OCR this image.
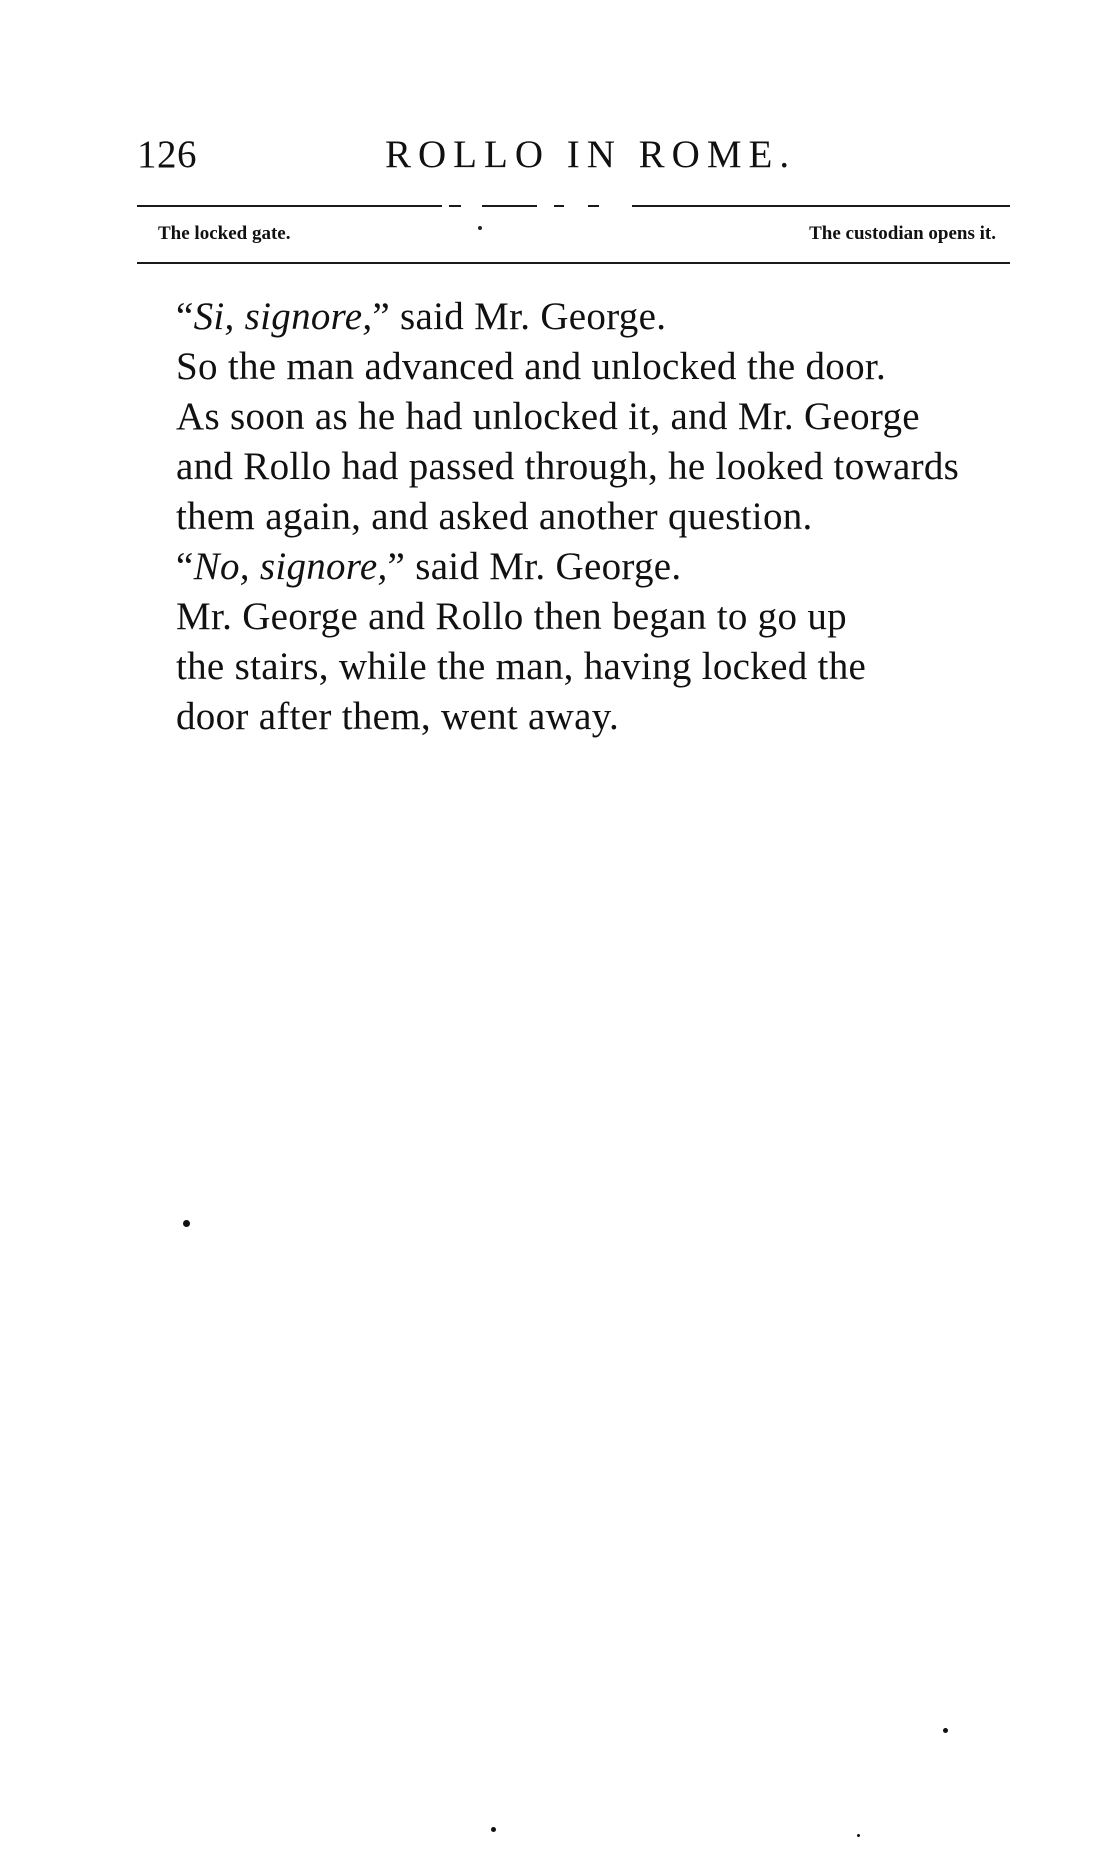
126	ROLLO IN ROME.
The locked gate.	The custodian opens it.

“Si, signore,” said Mr. George.

So the man advanced and unlocked the door.
As soon as he had unlocked it, and Mr. George
and Rollo had passed through, he looked towards
them again, and asked another question.

“No, signore,” said Mr. George.

Mr. George and Rollo then began to go up
the stairs, while the man, having locked the
door after them, went away.
